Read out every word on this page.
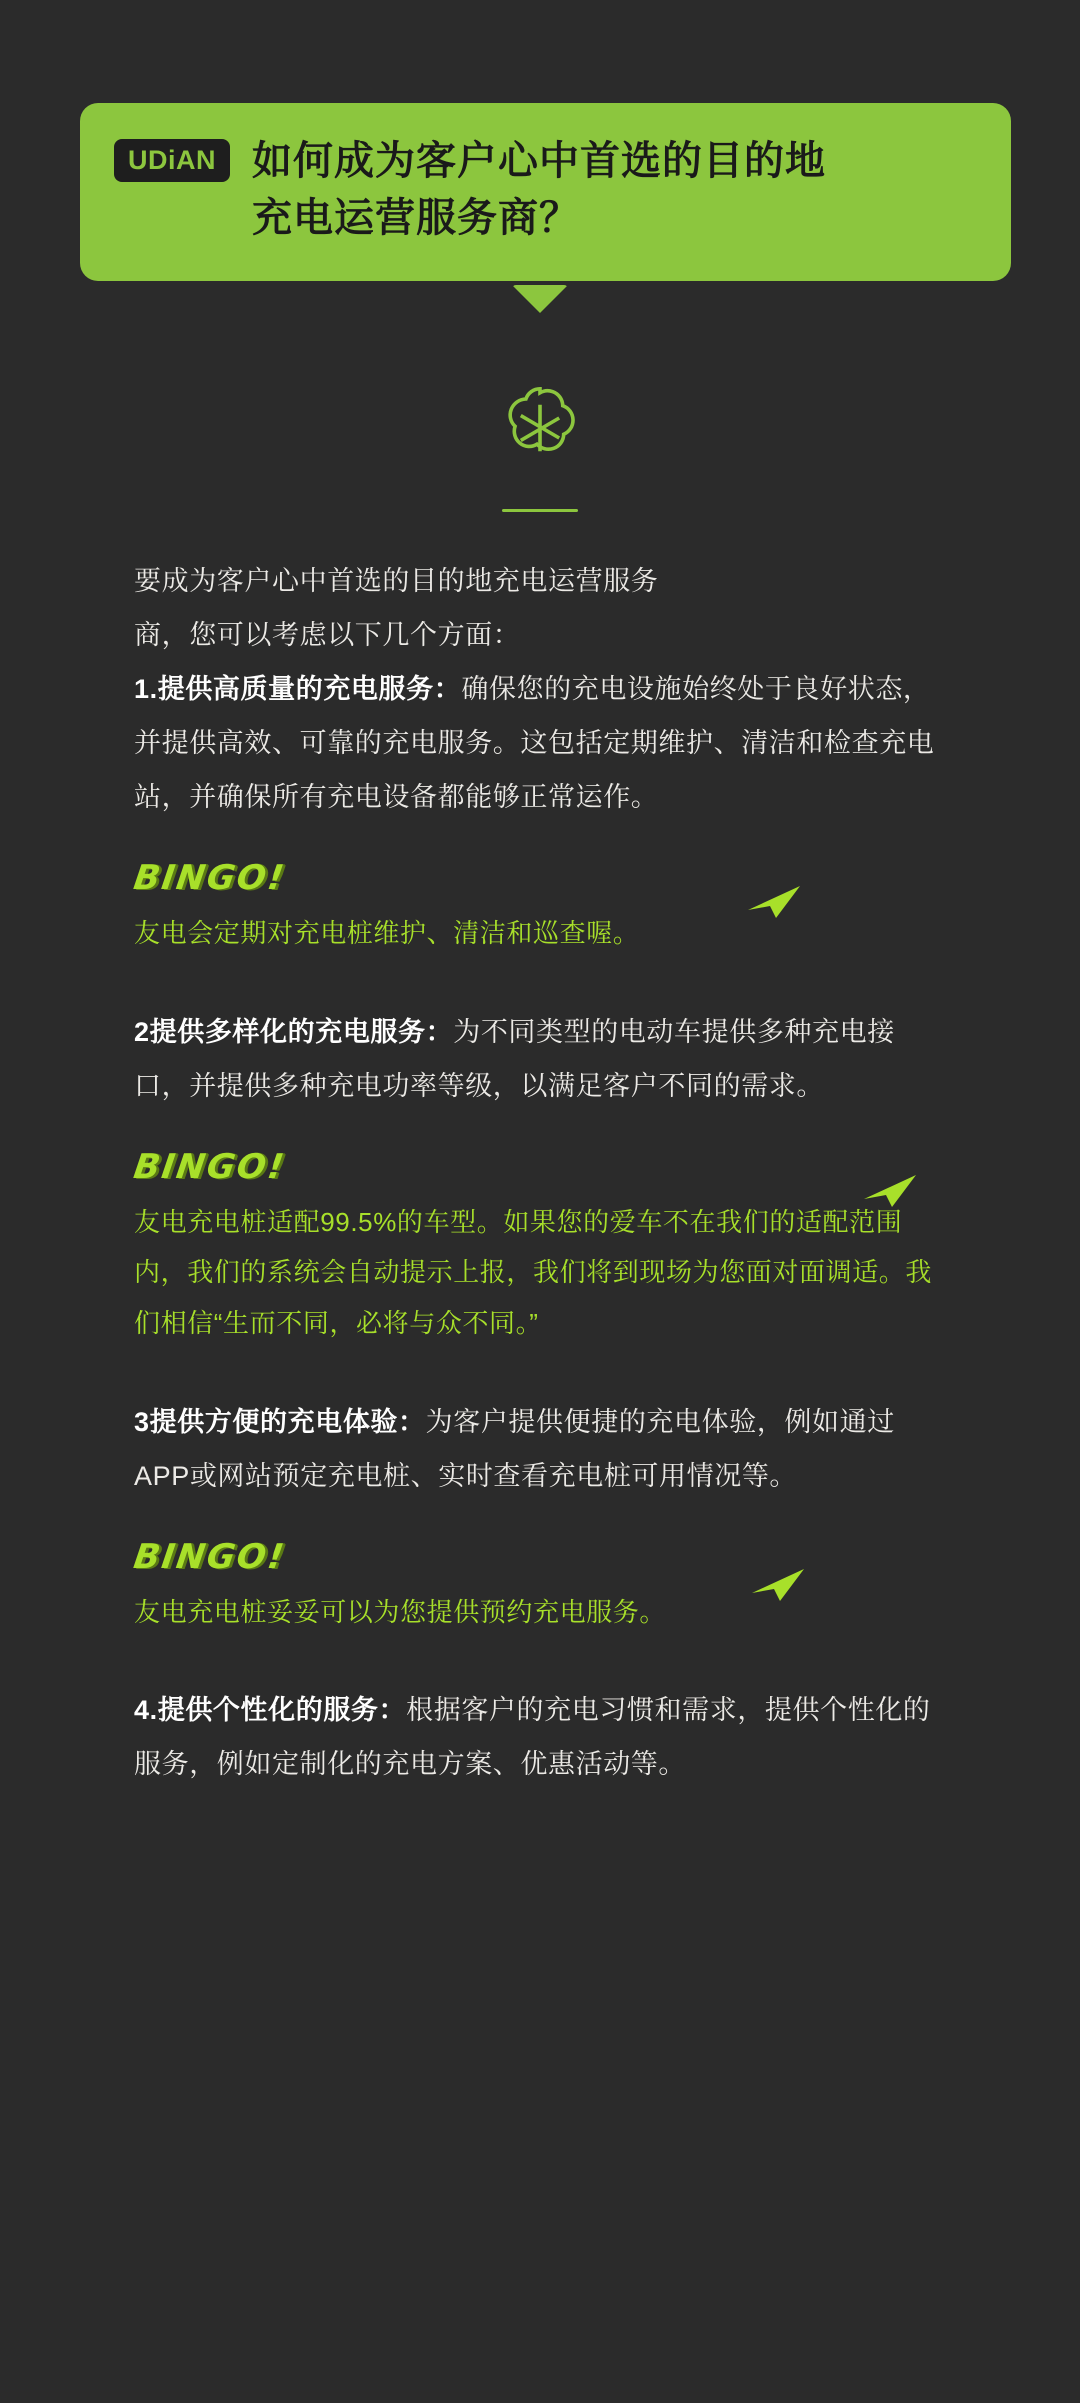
UDiAN 如何成为客户心中首选的目的地
充电运营服务商？
要成为客户心中首选的目的地充电运营服务
商，您可以考虑以下几个方面：
1.提供高质量的充电服务：确保您的充电设施始终处于良好状态，并提供高效、可靠的充电服务。这包括定期维护、清洁和检查充电站，并确保所有充电设备都能够正常运作。
BINGO!
友电会定期对充电桩维护、清洁和巡查喔。
2提供多样化的充电服务：为不同类型的电动车提供多种充电接口，并提供多种充电功率等级，以满足客户不同的需求。
BINGO!
友电充电桩适配99.5%的车型。如果您的爱车不在我们的适配范围内，我们的系统会自动提示上报，我们将到现场为您面对面调适。我们相信“生而不同，必将与众不同。”
3提供方便的充电体验：为客户提供便捷的充电体验，例如通过APP或网站预定充电桩、实时查看充电桩可用情况等。
BINGO!
友电充电桩妥妥可以为您提供预约充电服务。
4.提供个性化的服务：根据客户的充电习惯和需求，提供个性化的服务，例如定制化的充电方案、优惠活动等。
